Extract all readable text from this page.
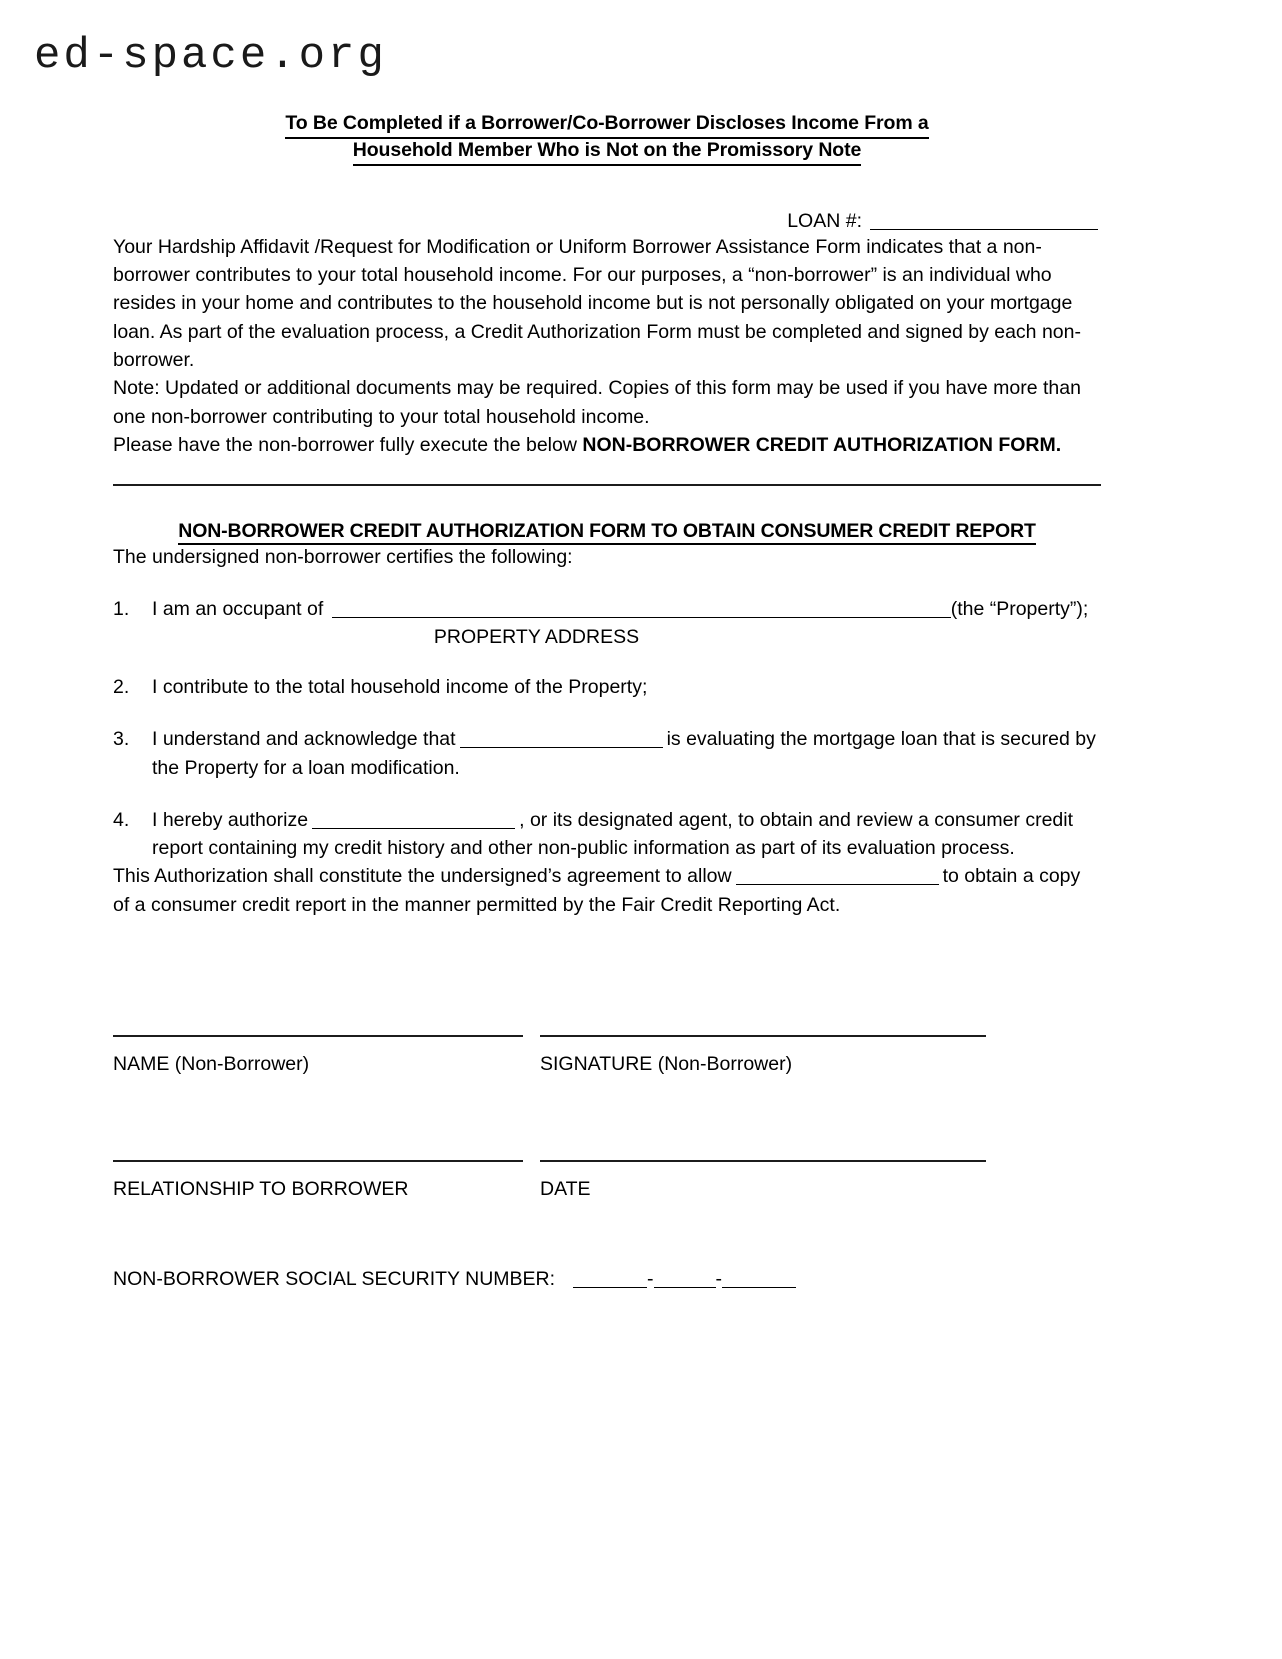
ed-space.org
To Be Completed if a Borrower/Co-Borrower Discloses Income From a
Household Member Who is Not on the Promissory Note
LOAN #:

Your Hardship Affidavit /Request for Modification or Uniform Borrower Assistance Form indicates that a non-borrower contributes to your total household income. For our purposes, a “non-borrower” is an individual who resides in your home and contributes to the household income but is not personally obligated on your mortgage loan. As part of the evaluation process, a Credit Authorization Form must be completed and signed by each non-borrower.

Note: Updated or additional documents may be required. Copies of this form may be used if you have more than one non-borrower contributing to your total household income.

Please have the non-borrower fully execute the below NON-BORROWER CREDIT AUTHORIZATION FORM.

NON-BORROWER CREDIT AUTHORIZATION FORM TO OBTAIN CONSUMER CREDIT REPORT

The undersigned non-borrower certifies the following:

1.	I am an occupant of	(the “Property”);
PROPERTY ADDRESS
2.	I contribute to the total household income of the Property;
3.	I understand and acknowledge that	is evaluating the mortgage loan that is secured by the Property for a loan modification.
4.	I hereby authorize	, or its designated agent, to obtain and review a consumer credit report containing my credit history and other non-public information as part of its evaluation process.

This Authorization shall constitute the undersigned’s agreement to allow	to obtain a copy of a consumer credit report in the manner permitted by the Fair Credit Reporting Act.

NAME (Non-Borrower)	SIGNATURE (Non-Borrower)
RELATIONSHIP TO BORROWER	DATE
NON-BORROWER SOCIAL SECURITY NUMBER:	-	-
